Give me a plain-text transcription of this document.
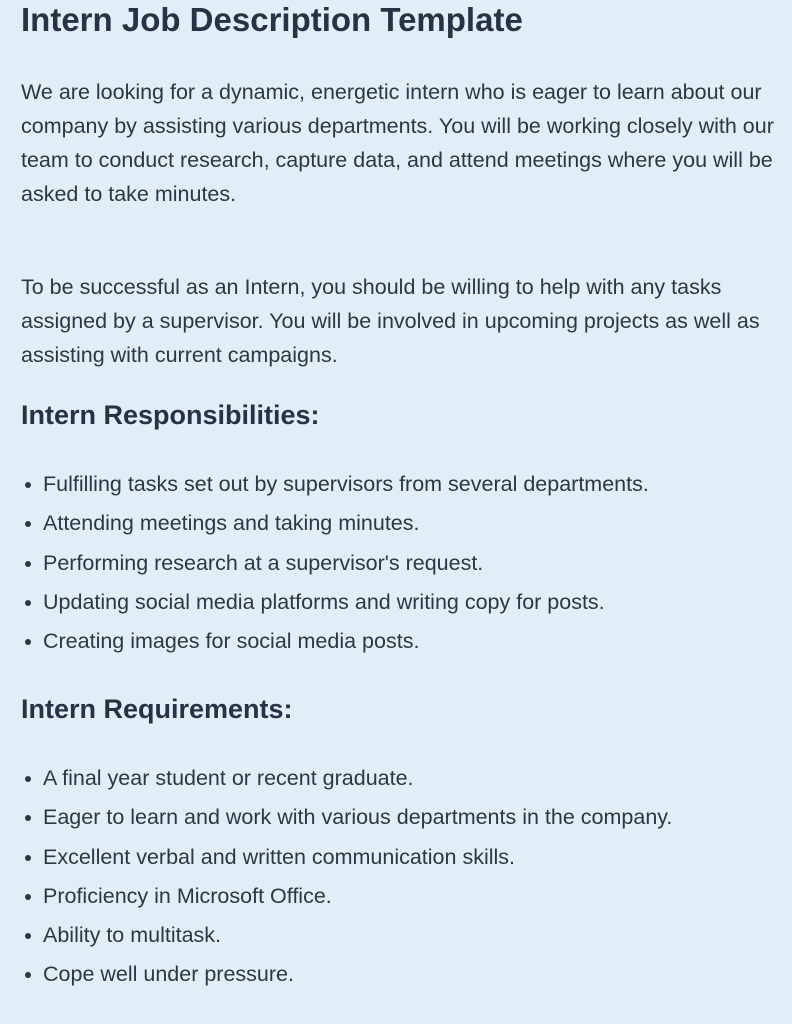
Intern Job Description Template

We are looking for a dynamic, energetic intern who is eager to learn about our company by assisting various departments. You will be working closely with our team to conduct research, capture data, and attend meetings where you will be asked to take minutes.

To be successful as an Intern, you should be willing to help with any tasks assigned by a supervisor. You will be involved in upcoming projects as well as assisting with current campaigns.

Intern Responsibilities:
Fulfilling tasks set out by supervisors from several departments.
Attending meetings and taking minutes.
Performing research at a supervisor's request.
Updating social media platforms and writing copy for posts.
Creating images for social media posts.
Intern Requirements:
A final year student or recent graduate.
Eager to learn and work with various departments in the company.
Excellent verbal and written communication skills.
Proficiency in Microsoft Office.
Ability to multitask.
Cope well under pressure.
